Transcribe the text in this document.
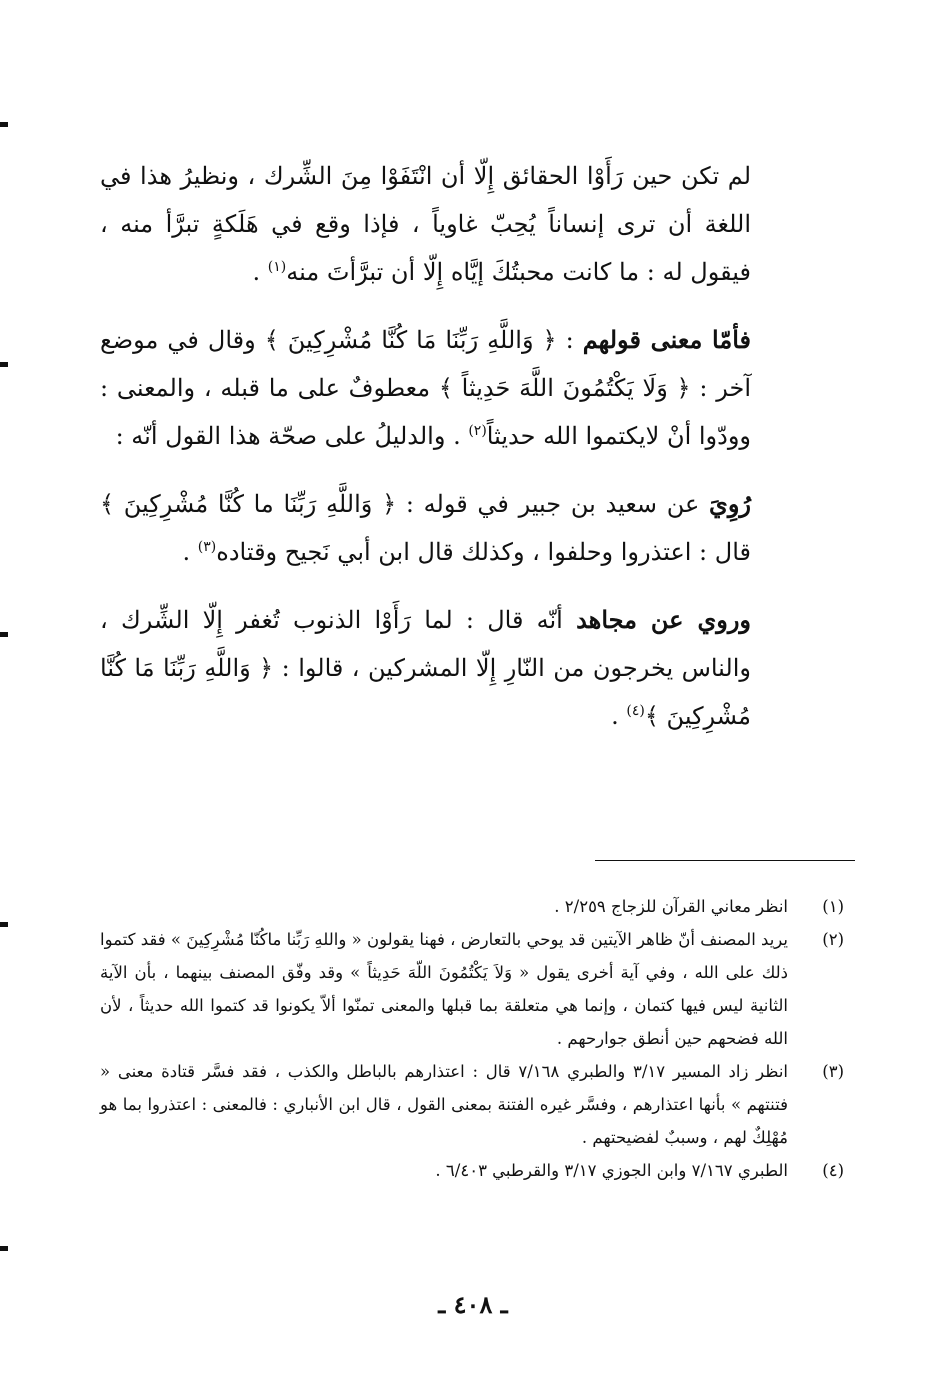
لم تكن حين رَأَوْا الحقائق إِلّا أن انْتَفَوْا مِنَ الشِّرك ، ونظيرُ هذا في اللغة أن ترى إنساناً يُحِبّ غاوياً ، فإذا وقع في هَلَكةٍ تبرَّأ منه ، فيقول له : ما كانت محبتُكَ إيَّاه إِلّا أن تبرَّأتَ منه$^{(١)}$ .

فأمّا معنى قولهم : ﴿ وَاللَّهِ رَبِّنَا مَا كُنَّا مُشْرِكِينَ ﴾ وقال في موضع آخر : ﴿ وَلَا يَكْتُمُونَ اللَّهَ حَدِيثاً ﴾ معطوفٌ على ما قبله ، والمعنى : وودّوا أنْ لايكتموا الله حديثاً$^{(٢)}$ . والدليلُ على صحّة هذا القول أنّه :

رُوِيَ عن سعيد بن جبير في قوله : ﴿ وَاللَّهِ رَبِّنَا ما كُنَّا مُشْرِكِينَ ﴾ قال : اعتذروا وحلفوا ، وكذلك قال ابن أبي نَجيح وقتاده$^{(٣)}$ .

وروي عن مجاهد أنّه قال : لما رَأَوْا الذنوب تُغفر إِلّا الشِّرك ، والناس يخرجون من النّارِ إِلّا المشركين ، قالوا : ﴿ وَاللَّهِ رَبِّنَا مَا كُنَّا مُشْرِكِينَ ﴾$^{(٤)}$ .

(١)
انظر معاني القرآن للزجاج ٢/٢٥٩ .
(٢)
يريد المصنف أنّ ظاهر الآيتين قد يوحي بالتعارض ، فهنا يقولون « واللهِ رَبِّنا ماكُنّا مُشْرِكِينَ » فقد كتموا ذلك على الله ، وفي آية أخرى يقول « وَلاَ يَكْتُمُونَ اللّهَ حَدِيثاً » وقد وفّق المصنف بينهما ، بأن الآية الثانية ليس فيها كتمان ، وإنما هي متعلقة بما قبلها والمعنى تمنّوا ألاّ يكونوا قد كتموا الله حديثاً ، لأن الله فضحهم حين أنطق جوارحهم .
(٣)
انظر زاد المسير ٣/١٧ والطبري ٧/١٦٨ قال : اعتذارهم بالباطل والكذب ، فقد فسَّر قتادة معنى « فتنتهم » بأنها اعتذارهم ، وفسَّر غيره الفتنة بمعنى القول ، قال ابن الأنباري : فالمعنى : اعتذروا بما هو مُهْلِكٌ لهم ، وسببٌ لفضيحتهم .
(٤)
الطبري ٧/١٦٧ وابن الجوزي ٣/١٧ والقرطبي ٦/٤٠٣ .
ـ ٤٠٨ ـ
